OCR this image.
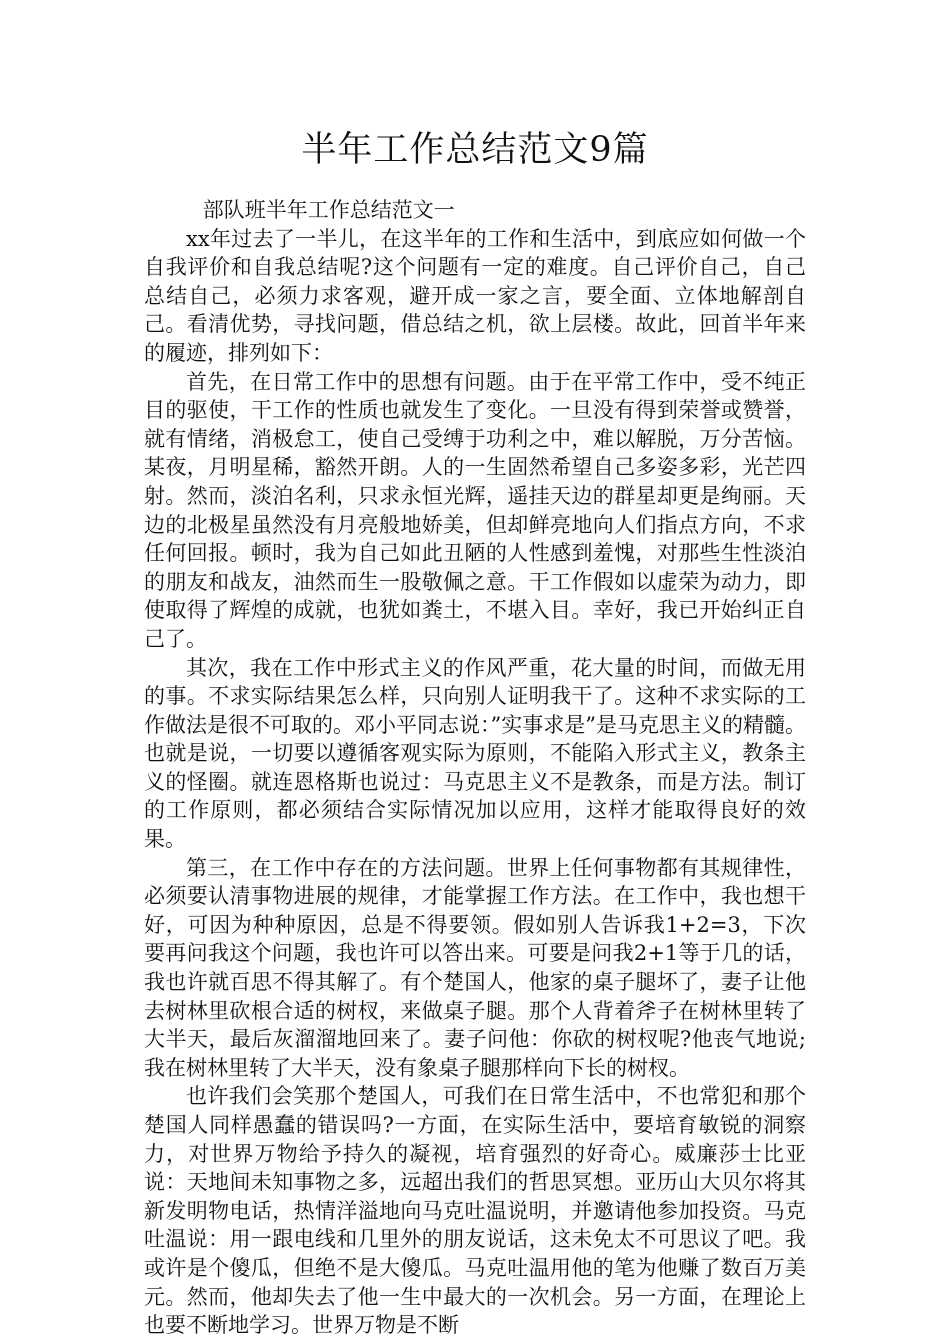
半年工作总结范文9篇

部队班半年工作总结范文一

xx年过去了一半儿，在这半年的工作和生活中，到底应如何做一个自我评价和自我总结呢?这个问题有一定的难度。自己评价自己，自己总结自己，必须力求客观，避开成一家之言，要全面、立体地解剖自己。看清优势，寻找问题，借总结之机，欲上层楼。故此，回首半年来的履迹，排列如下：

首先，在日常工作中的思想有问题。由于在平常工作中，受不纯正目的驱使，干工作的性质也就发生了变化。一旦没有得到荣誉或赞誉，就有情绪，消极怠工，使自己受缚于功利之中，难以解脱，万分苦恼。某夜，月明星稀，豁然开朗。人的一生固然希望自己多姿多彩，光芒四射。然而，淡泊名利，只求永恒光辉，遥挂天边的群星却更是绚丽。天边的北极星虽然没有月亮般地娇美，但却鲜亮地向人们指点方向，不求任何回报。顿时，我为自己如此丑陋的人性感到羞愧，对那些生性淡泊的朋友和战友，油然而生一股敬佩之意。干工作假如以虚荣为动力，即使取得了辉煌的成就，也犹如粪土，不堪入目。幸好，我已开始纠正自己了。

其次，我在工作中形式主义的作风严重，花大量的时间，而做无用的事。不求实际结果怎么样，只向别人证明我干了。这种不求实际的工作做法是很不可取的。邓小平同志说：”实事求是”是马克思主义的精髓。也就是说，一切要以遵循客观实际为原则，不能陷入形式主义，教条主义的怪圈。就连恩格斯也说过：马克思主义不是教条，而是方法。制订的工作原则，都必须结合实际情况加以应用，这样才能取得良好的效果。

第三，在工作中存在的方法问题。世界上任何事物都有其规律性，必须要认清事物进展的规律，才能掌握工作方法。在工作中，我也想干好，可因为种种原因，总是不得要领。假如别人告诉我1+2=3，下次要再问我这个问题，我也许可以答出来。可要是问我2+1等于几的话，我也许就百思不得其解了。有个楚国人，他家的桌子腿坏了，妻子让他去树林里砍根合适的树杈，来做桌子腿。那个人背着斧子在树林里转了大半天，最后灰溜溜地回来了。妻子问他：你砍的树杈呢?他丧气地说;我在树林里转了大半天，没有象桌子腿那样向下长的树杈。

也许我们会笑那个楚国人，可我们在日常生活中，不也常犯和那个楚国人同样愚蠢的错误吗?一方面，在实际生活中，要培育敏锐的洞察力，对世界万物给予持久的凝视，培育强烈的好奇心。威廉莎士比亚说：天地间未知事物之多，远超出我们的哲思冥想。亚历山大贝尔将其新发明物电话，热情洋溢地向马克吐温说明，并邀请他参加投资。马克吐温说：用一跟电线和几里外的朋友说话，这未免太不可思议了吧。我或许是个傻瓜，但绝不是大傻瓜。马克吐温用他的笔为他赚了数百万美元。然而，他却失去了他一生中最大的一次机会。另一方面，在理论上也要不断地学习。世界万物是不断
